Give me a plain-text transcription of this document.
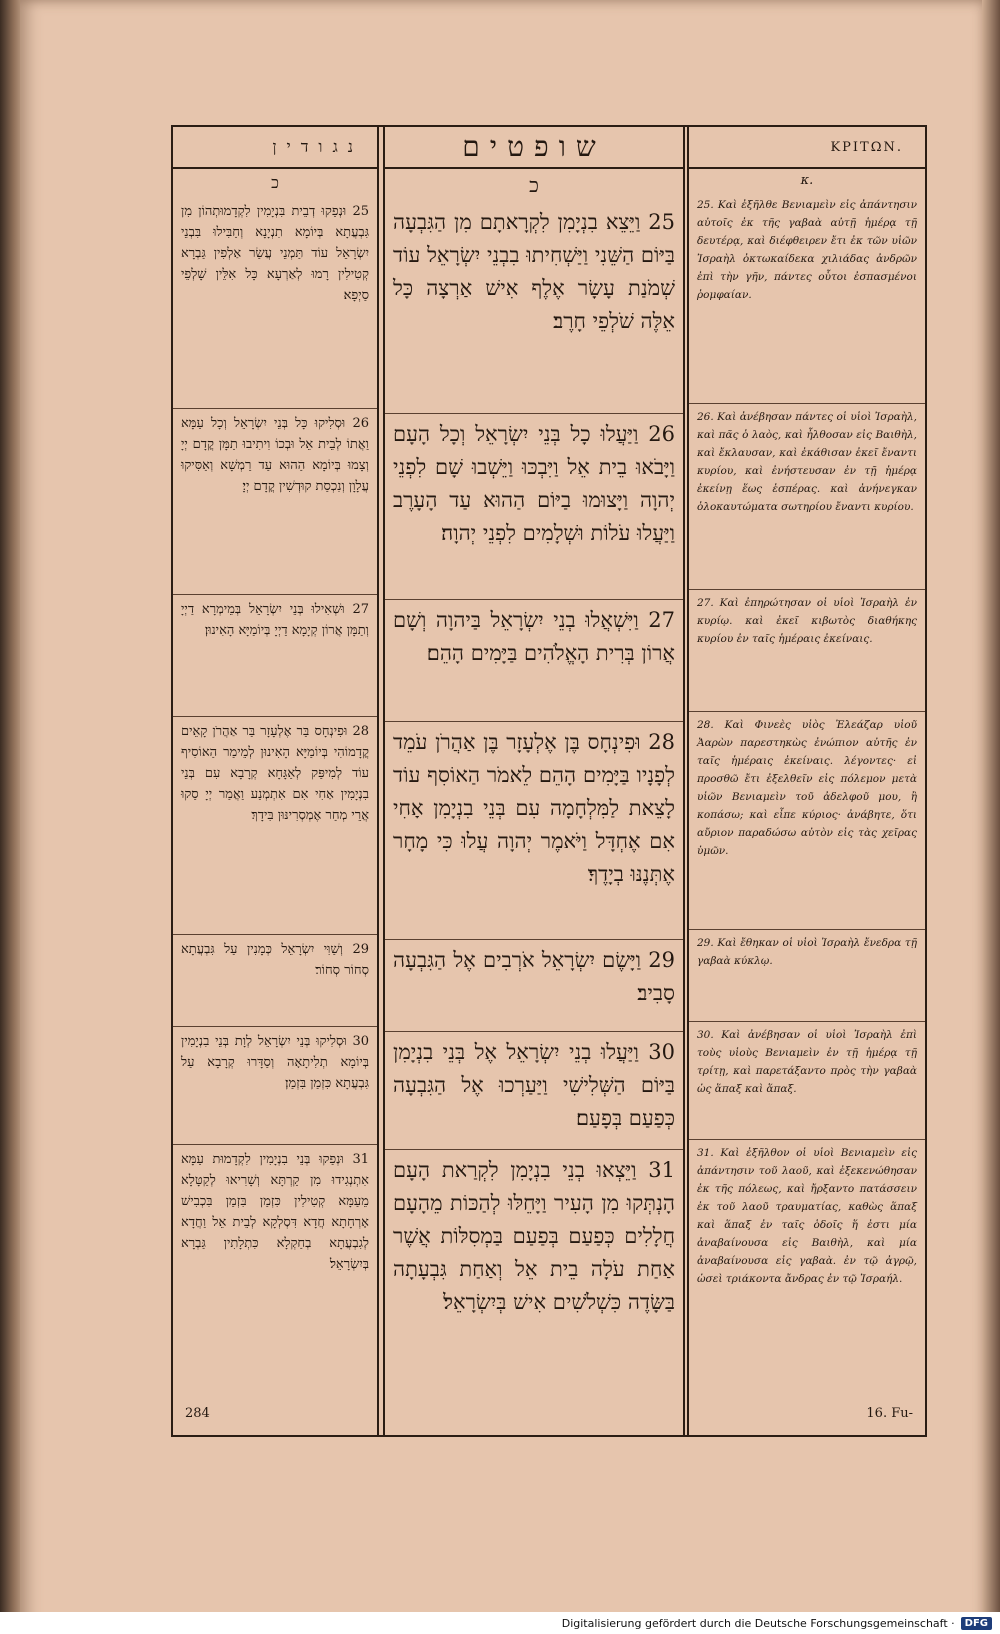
נגודין
כ
25 וּנְפַקוּ דְבֵית בִּנְיָמִין לִקְדָמוּתְהוֹן מִן גִּבְעֲתָא בְּיוֹמָא תִנְיָנָא וְחַבִּילוּ בִּבְנֵי יִשְׂרָאֵל עוֹד תַּמְנֵי עֲשַׂר אַלְפִין גַּבְרָא קְטִילִין רָמוּ לְאַרְעָא כָּל אִלֵּין שָׁלְפֵי סַיְפָא׃
26 וּסְלִיקוּ כָּל בְּנֵי יִשְׂרָאֵל וְכָל עַמָּא וַאֲתוֹ לְבֵית אֵל וּבְכוֹ וִיתִיבוּ תַמָּן קֳדָם יְיָ וְצָמוּ בְּיוֹמָא הַהוּא עַד רַמְשָׁא וְאַסִּיקוּ עֲלָוָן וְנִכְסַת קוּדְשִׁין קֳדָם יְיָ׃
27 וּשְׁאִילוּ בְּנֵי יִשְׂרָאֵל בְּמֵימְרָא דַיְיָ וְתַמָּן אֲרוֹן קְיָמָא דַיְיָ בְּיוֹמַיָּא הָאִינוּן׃
28 וּפִינְחָס בַּר אֶלְעָזָר בַּר אַהֲרֹן קָאֵים קֳדָמוֹהִי בְּיוֹמַיָּא הָאִינוּן לְמֵימַר הַאוֹסִיף עוֹד לְמִיפַּק לְאַגָּחָא קְרָבָא עִם בְּנֵי בִנְיָמִין אַחִי אִם אִתְמְנַע וַאֲמַר יְיָ סַקוּ אֲרֵי מְחַר אֶמְסְרִינּוּן בִּידָךְ׃
29 וְשַׁוִּי יִשְׂרָאֵל כְּמָנִין עַל גִּבְעֲתָא סְחוֹר סְחוֹר׃
30 וּסְלִיקוּ בְּנֵי יִשְׂרָאֵל לְוָת בְּנֵי בִנְיָמִין בְּיוֹמָא תְלִיתָאָה וְסַדָּרוּ קְרָבָא עַל גִּבְעֲתָא כִּזְמַן בִּזְמַן׃
31 וּנְפַקוּ בְּנֵי בִנְיָמִין לִקְדָמוּת עַמָּא אִתְנְגִידוּ מִן קַרְתָּא וְשָׁרִיאוּ לְקַטָּלָא מֵעַמָּא קְטִילִין כִּזְמַן בִּזְמַן בִּכְבִישׁ אָרְחָתָא חֲדָא דִּסְלְקָא לְבֵית אֵל וַחֲדָא לְגִבְעֲתָא בְחַקְלָא כִּתְלָתִין גַּבְרָא בְּיִשְׂרָאֵל׃
שופטים
כ
25 וַיֵּצֵא בִנְיָמִן לִקְרָאתָם מִן הַגִּבְעָה בַּיּוֹם הַשֵּׁנִי וַיַּשְׁחִיתוּ בִבְנֵי יִשְׂרָאֵל עוֹד שְׁמֹנַת עָשָׂר אֶלֶף אִישׁ אַרְצָה כָּל אֵלֶּה שֹׁלְפֵי חָרֶב׃
26 וַיַּעֲלוּ כָל בְּנֵי יִשְׂרָאֵל וְכָל הָעָם וַיָּבֹאוּ בֵית אֵל וַיִּבְכּוּ וַיֵּשְׁבוּ שָׁם לִפְנֵי יְהוָה וַיָּצוּמוּ בַיּוֹם הַהוּא עַד הָעָרֶב וַיַּעֲלוּ עֹלוֹת וּשְׁלָמִים לִפְנֵי יְהוָה׃
27 וַיִּשְׁאֲלוּ בְנֵי יִשְׂרָאֵל בַּיהוָה וְשָׁם אֲרוֹן בְּרִית הָאֱלֹהִים בַּיָּמִים הָהֵם׃
28 וּפִינְחָס בֶּן אֶלְעָזָר בֶּן אַהֲרֹן עֹמֵד לְפָנָיו בַּיָּמִים הָהֵם לֵאמֹר הַאוֹסִף עוֹד לָצֵאת לַמִּלְחָמָה עִם בְּנֵי בִנְיָמִן אָחִי אִם אֶחְדָּל וַיֹּאמֶר יְהוָה עֲלוּ כִּי מָחָר אֶתְּנֶנּוּ בְיָדֶךָ׃
29 וַיָּשֶׂם יִשְׂרָאֵל אֹרְבִים אֶל הַגִּבְעָה סָבִיב׃
30 וַיַּעֲלוּ בְנֵי יִשְׂרָאֵל אֶל בְּנֵי בִנְיָמִן בַּיּוֹם הַשְּׁלִישִׁי וַיַּעַרְכוּ אֶל הַגִּבְעָה כְּפַעַם בְּפָעַם׃
31 וַיֵּצְאוּ בְנֵי בִנְיָמִן לִקְרַאת הָעָם הָנְתְּקוּ מִן הָעִיר וַיָּחֵלּוּ לְהַכּוֹת מֵהָעָם חֲלָלִים כְּפַעַם בְּפַעַם בַּמְסִלּוֹת אֲשֶׁר אַחַת עֹלָה בֵית אֵל וְאַחַת גִּבְעָתָה בַּשָּׂדֶה כִּשְׁלֹשִׁים אִישׁ בְּיִשְׂרָאֵל׃
ΚΡΙΤΩΝ.
κ.
25. Καὶ ἐξῆλθε Βενιαμεὶν εἰς ἀπάντησιν αὐτοῖς ἐκ τῆς γαβαὰ αὐτῇ ἡμέρᾳ τῇ δευτέρᾳ, καὶ διέφθειρεν ἔτι ἐκ τῶν υἱῶν Ἰσραὴλ ὀκτωκαίδεκα χιλιάδας ἀνδρῶν ἐπὶ τὴν γῆν, πάντες οὗτοι ἐσπασμένοι ῥομφαίαν.
26. Καὶ ἀνέβησαν πάντες οἱ υἱοὶ Ἰσραὴλ, καὶ πᾶς ὁ λαὸς, καὶ ἦλθοσαν εἰς Βαιθὴλ, καὶ ἔκλαυσαν, καὶ ἐκάθισαν ἐκεῖ ἔναντι κυρίου, καὶ ἐνήστευσαν ἐν τῇ ἡμέρᾳ ἐκείνῃ ἕως ἑσπέρας. καὶ ἀνήνεγκαν ὁλοκαυτώματα σωτηρίου ἔναντι κυρίου.
27. Καὶ ἐπηρώτησαν οἱ υἱοὶ Ἰσραὴλ ἐν κυρίῳ. καὶ ἐκεῖ κιβωτὸς διαθήκης κυρίου ἐν ταῖς ἡμέραις ἐκείναις.
28. Καὶ Φινεὲς υἱὸς Ἐλεάζαρ υἱοῦ Ἀαρὼν παρεστηκὼς ἐνώπιον αὐτῆς ἐν ταῖς ἡμέραις ἐκείναις. λέγοντες· εἰ προσθῶ ἔτι ἐξελθεῖν εἰς πόλεμον μετὰ υἱῶν Βενιαμεὶν τοῦ ἀδελφοῦ μου, ἢ κοπάσω; καὶ εἶπε κύριος· ἀνάβητε, ὅτι αὔριον παραδώσω αὐτὸν εἰς τὰς χεῖρας ὑμῶν.
29. Καὶ ἔθηκαν οἱ υἱοὶ Ἰσραὴλ ἔνεδρα τῇ γαβαὰ κύκλῳ.
30. Καὶ ἀνέβησαν οἱ υἱοὶ Ἰσραὴλ ἐπὶ τοὺς υἱοὺς Βενιαμεὶν ἐν τῇ ἡμέρᾳ τῇ τρίτῃ, καὶ παρετάξαντο πρὸς τὴν γαβαὰ ὡς ἅπαξ καὶ ἅπαξ.
31. Καὶ ἐξῆλθον οἱ υἱοὶ Βενιαμεὶν εἰς ἀπάντησιν τοῦ λαοῦ, καὶ ἐξεκενώθησαν ἐκ τῆς πόλεως, καὶ ἤρξαντο πατάσσειν ἐκ τοῦ λαοῦ τραυματίας, καθὼς ἅπαξ καὶ ἅπαξ ἐν ταῖς ὁδοῖς ἥ ἐστι μία ἀναβαίνουσα εἰς Βαιθὴλ, καὶ μία ἀναβαίνουσα εἰς γαβαὰ. ἐν τῷ ἀγρῷ, ὡσεὶ τριάκοντα ἄνδρας ἐν τῷ Ἰσραήλ.
284	16. Fu-
Digitalisierung gefördert durch die Deutsche Forschungsgemeinschaft ·	DFG
